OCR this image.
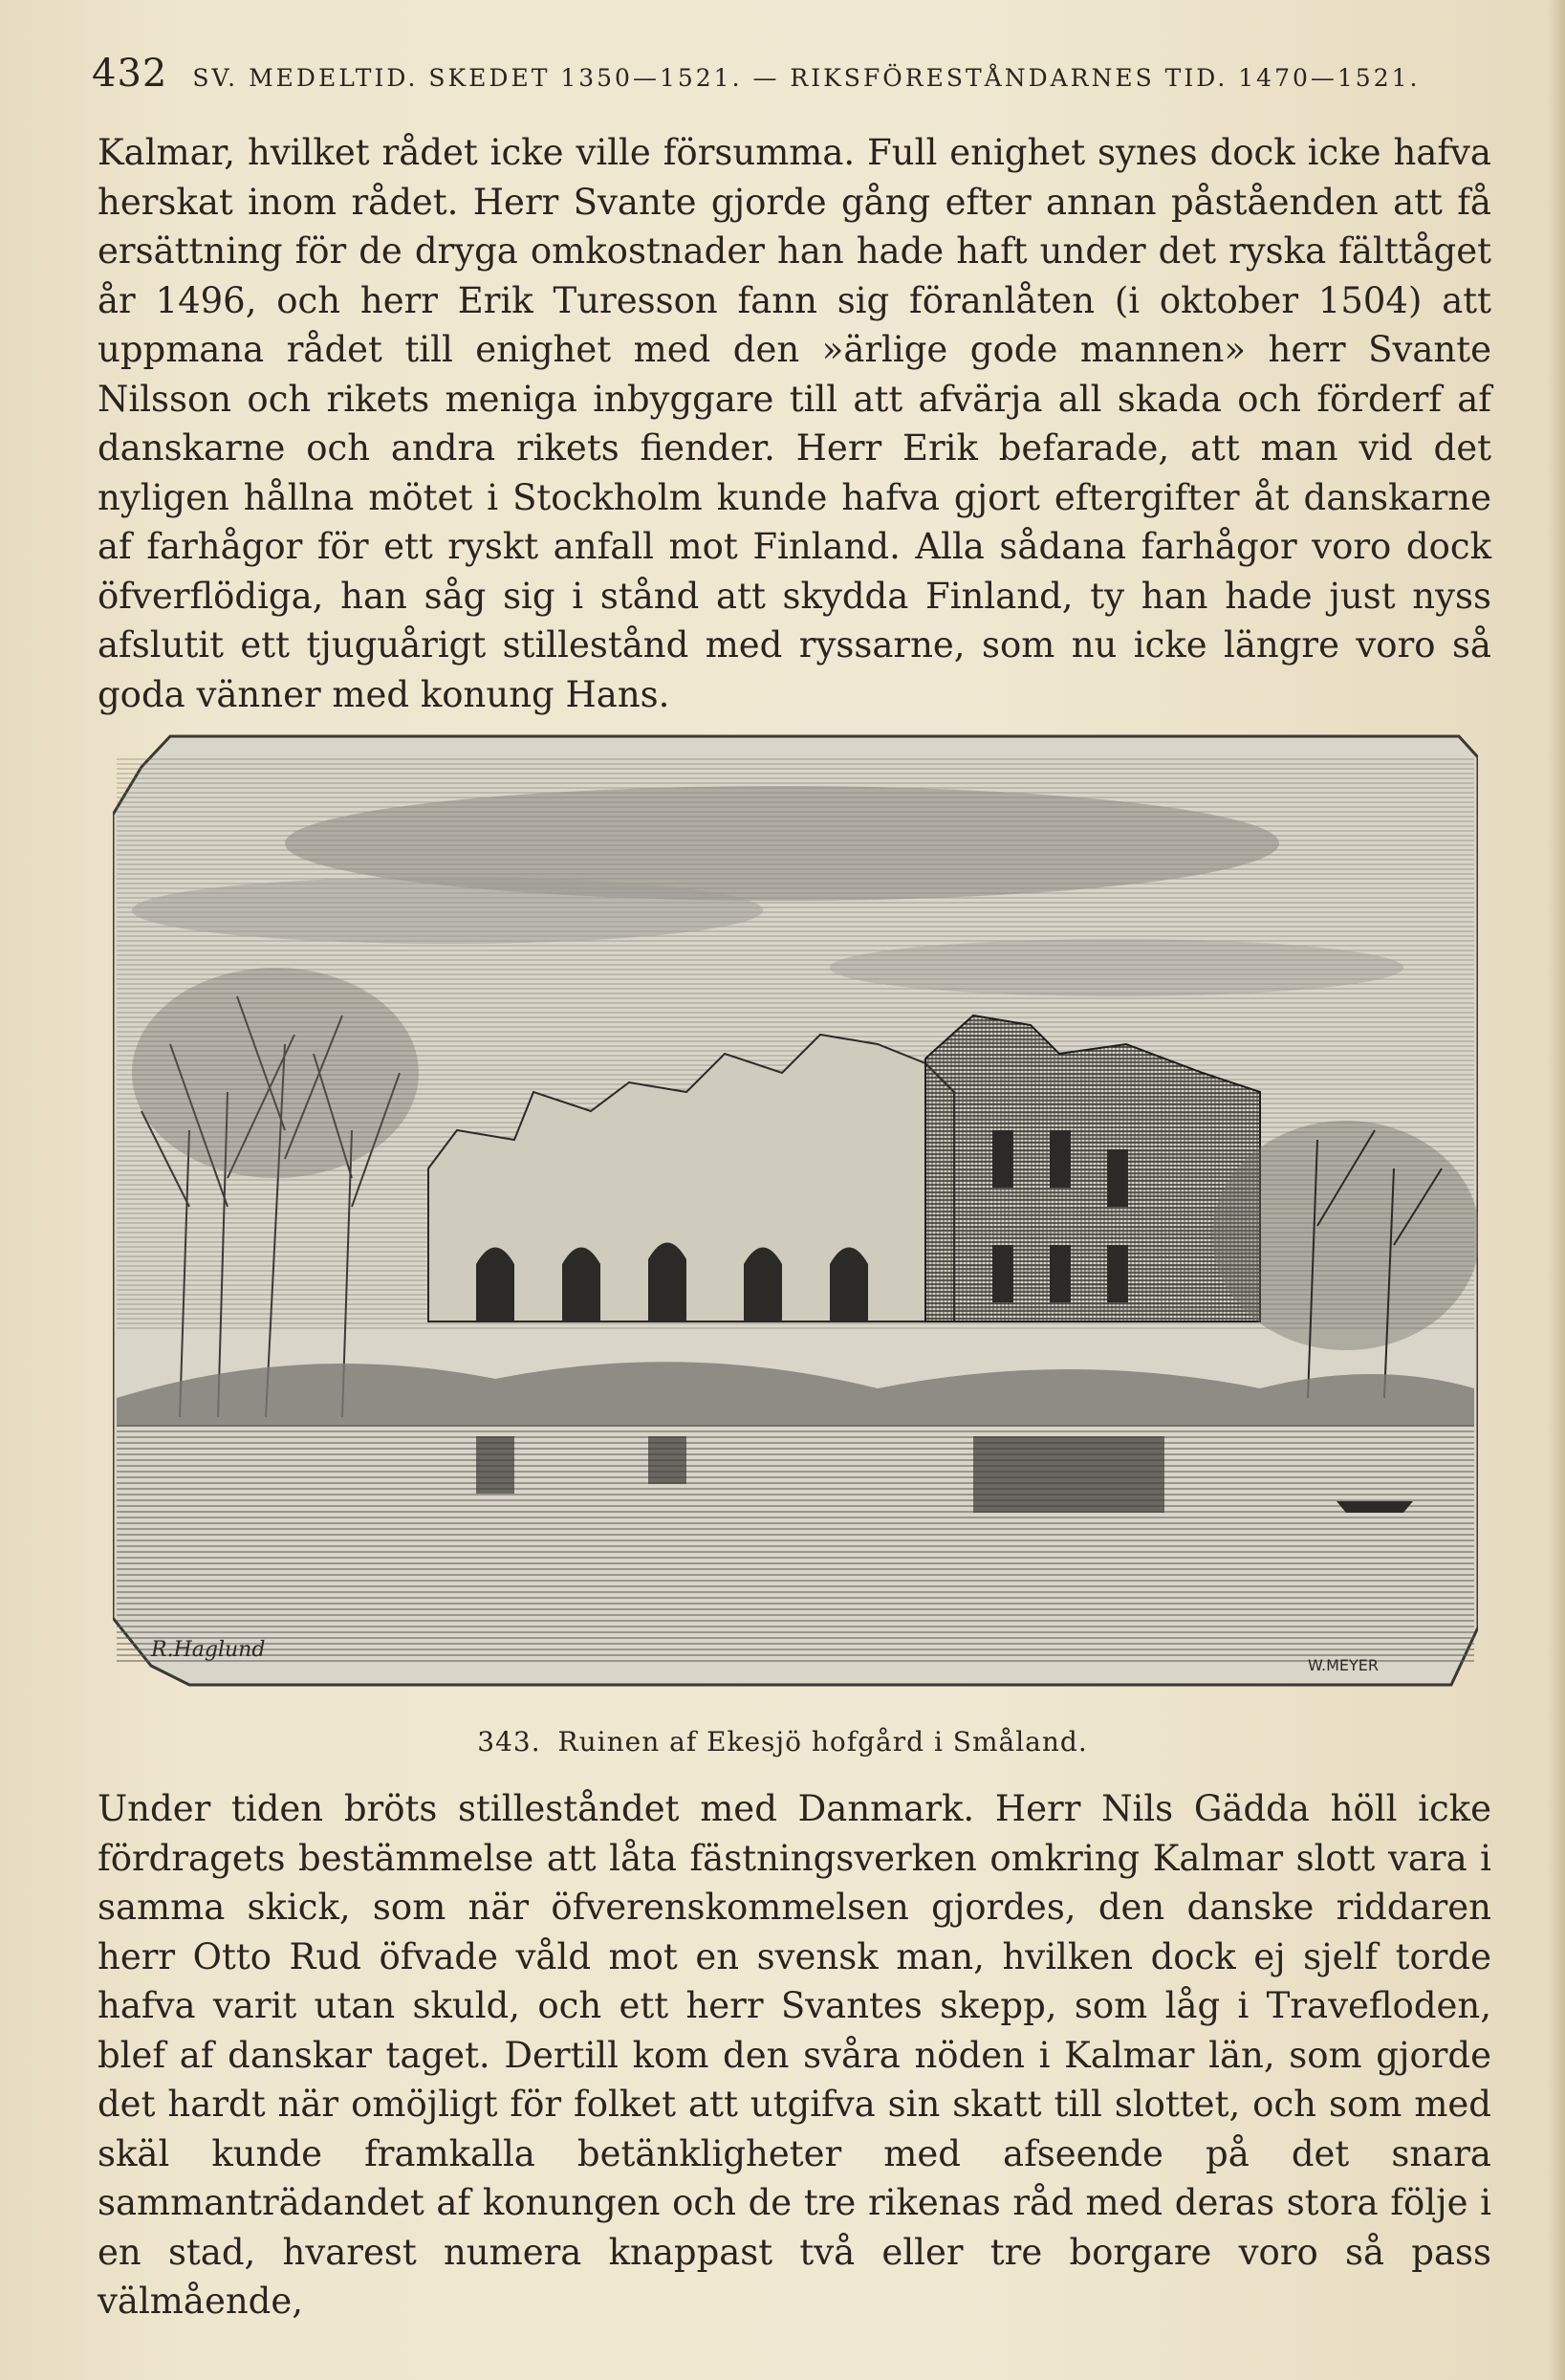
432 SV. MEDELTID. SKEDET 1350—1521. — RIKSFÖRESTÅNDARNES TID. 1470—1521.

Kalmar, hvilket rådet icke ville försumma. Full enighet synes dock icke hafva herskat inom rådet. Herr Svante gjorde gång efter annan påståenden att få ersättning för de dryga omkostnader han hade haft under det ryska fälttåget år 1496, och herr Erik Turesson fann sig föranlåten (i oktober 1504) att uppmana rådet till enighet med den »ärlige gode mannen» herr Svante Nilsson och rikets meniga inbyggare till att afvärja all skada och förderf af danskarne och andra rikets fiender. Herr Erik befarade, att man vid det nyligen hållna mötet i Stockholm kunde hafva gjort eftergifter åt danskarne af farhågor för ett ryskt anfall mot Finland. Alla sådana farhågor voro dock öfverflödiga, han såg sig i stånd att skydda Finland, ty han hade just nyss afslutit ett tjuguårigt stillestånd med ryssarne, som nu icke längre voro så goda vänner med konung Hans.

R.Haglund
W.MEYER
343. Ruinen af Ekesjö hofgård i Småland.

Under tiden bröts stilleståndet med Danmark. Herr Nils Gädda höll icke fördragets bestämmelse att låta fästningsverken omkring Kalmar slott vara i samma skick, som när öfverenskommelsen gjordes, den danske riddaren herr Otto Rud öfvade våld mot en svensk man, hvilken dock ej sjelf torde hafva varit utan skuld, och ett herr Svantes skepp, som låg i Travefloden, blef af danskar taget. Dertill kom den svåra nöden i Kalmar län, som gjorde det hardt när omöjligt för folket att utgifva sin skatt till slottet, och som med skäl kunde framkalla betänkligheter med afseende på det snara sammanträdandet af konungen och de tre rikenas råd med deras stora följe i en stad, hvarest numera knappast två eller tre borgare voro så pass välmående,
